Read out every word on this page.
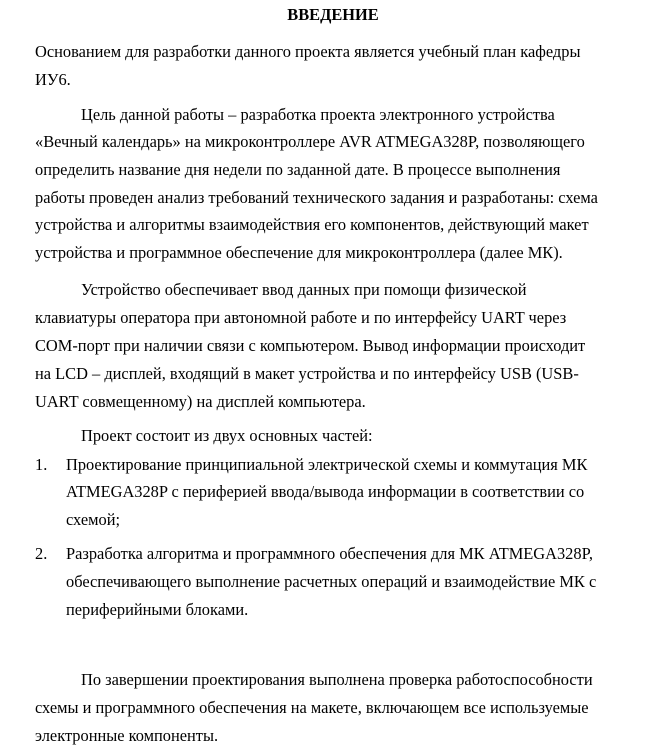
ВВЕДЕНИЕ
Основанием для разработки данного проекта является учебный план кафедры
ИУ6.
Цель данной работы – разработка проекта электронного устройства
«Вечный календарь» на микроконтроллере AVR ATMEGA328P, позволяющего
определить название дня недели по заданной дате. В процессе выполнения
работы проведен анализ требований технического задания и разработаны: схема
устройства и алгоритмы взаимодействия его компонентов, действующий макет
устройства и программное обеспечение для микроконтроллера (далее МК).
Устройство обеспечивает ввод данных при помощи физической
клавиатуры оператора при автономной работе и по интерфейсу UART через
COM-порт при наличии связи с компьютером. Вывод информации происходит
на LCD – дисплей, входящий в макет устройства и по интерфейсу USB (USB-
UART совмещенному) на дисплей компьютера.
Проект состоит из двух основных частей:
1. Проектирование принципиальной электрической схемы и коммутация МК
ATMEGA328P с периферией ввода/вывода информации в соответствии со
схемой;
2. Разработка алгоритма и программного обеспечения для МК ATMEGA328P,
обеспечивающего выполнение расчетных операций и взаимодействие МК с
периферийными блоками.
По завершении проектирования выполнена проверка работоспособности
схемы и программного обеспечения на макете, включающем все используемые
электронные компоненты.
